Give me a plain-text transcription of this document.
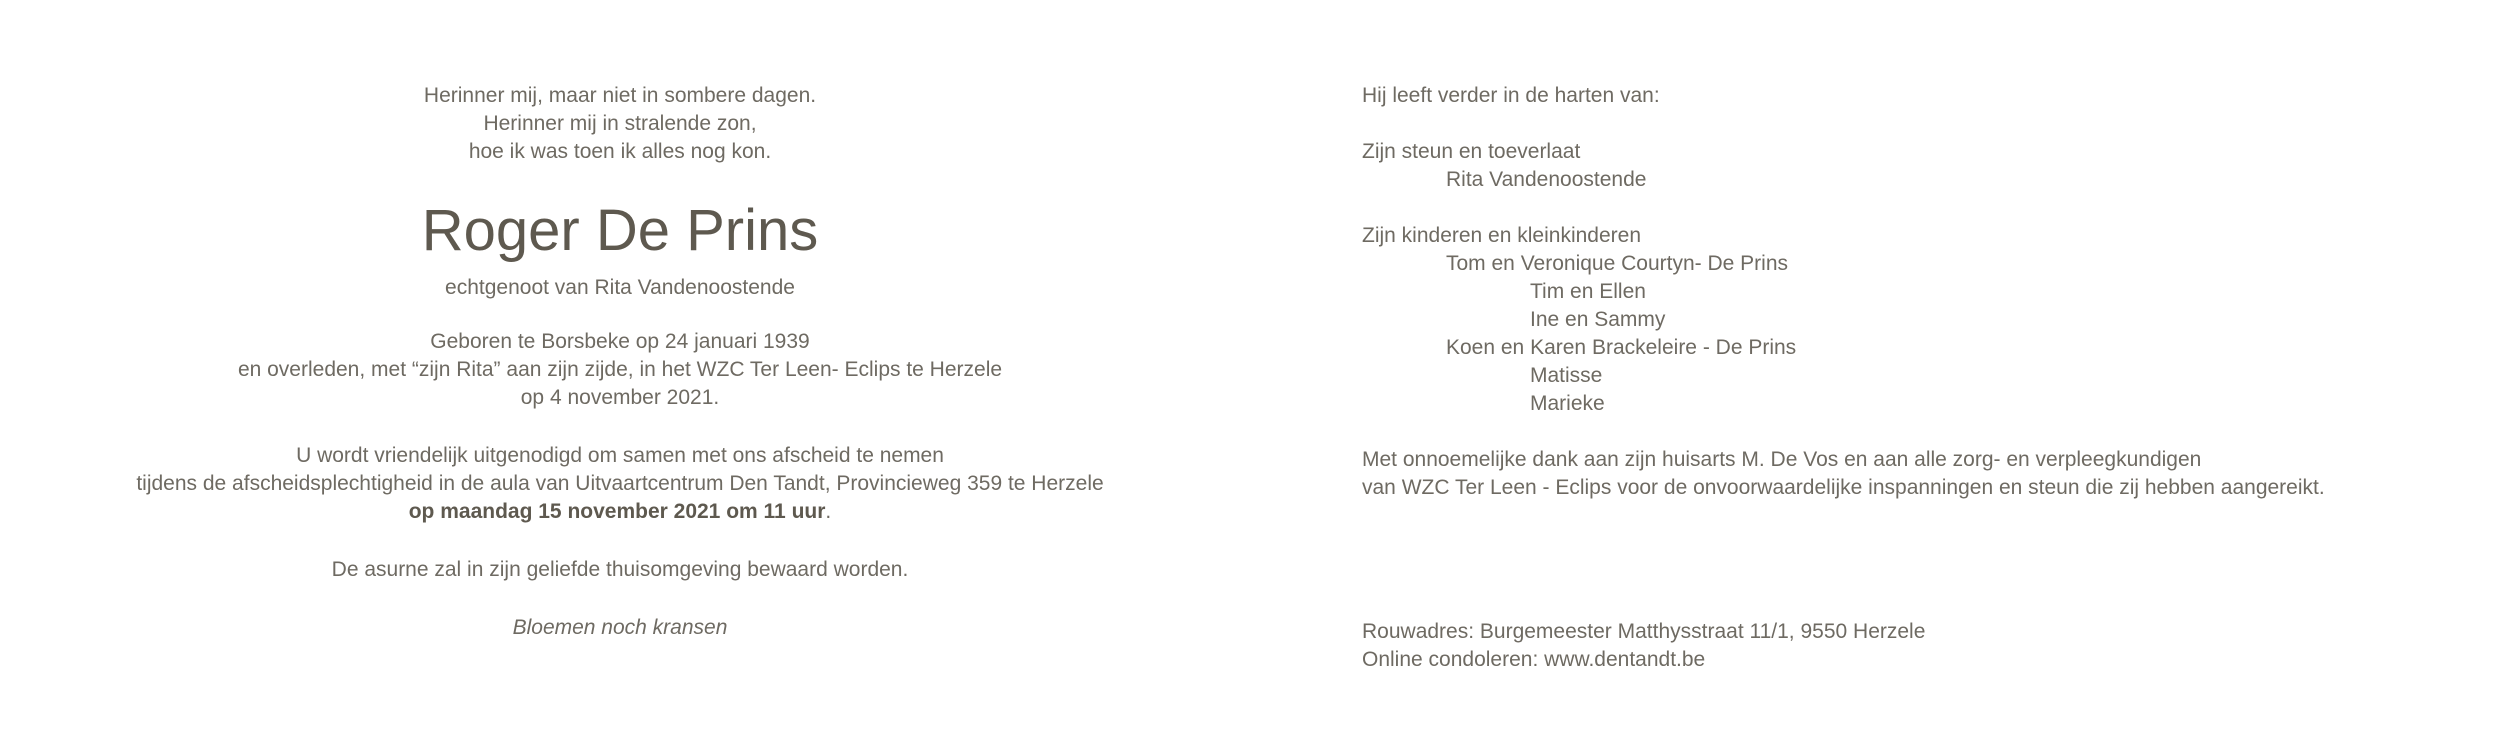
Herinner mij, maar niet in sombere dagen.
Herinner mij in stralende zon,
hoe ik was toen ik alles nog kon.
Roger De Prins
echtgenoot van Rita Vandenoostende
Geboren te Borsbeke op 24 januari 1939
en overleden, met “zijn Rita” aan zijn zijde, in het WZC Ter Leen- Eclips te Herzele
op 4 november 2021.
U wordt vriendelijk uitgenodigd om samen met ons afscheid te nemen
tijdens de afscheidsplechtigheid in de aula van Uitvaartcentrum Den Tandt, Provincieweg 359 te Herzele
op maandag 15 november 2021 om 11 uur.
De asurne zal in zijn geliefde thuisomgeving bewaard worden.
Bloemen noch kransen
Hij leeft verder in de harten van:
Zijn steun en toeverlaat
Rita Vandenoostende
Zijn kinderen en kleinkinderen
Tom en Veronique Courtyn- De Prins
Tim en Ellen
Ine en Sammy
Koen en Karen Brackeleire - De Prins
Matisse
Marieke
Met onnoemelijke dank aan zijn huisarts M. De Vos en aan alle zorg- en verpleegkundigen
van WZC Ter Leen - Eclips voor de onvoorwaardelijke inspanningen en steun die zij hebben aangereikt.
Rouwadres: Burgemeester Matthysstraat 11/1, 9550 Herzele
Online condoleren: www.dentandt.be
